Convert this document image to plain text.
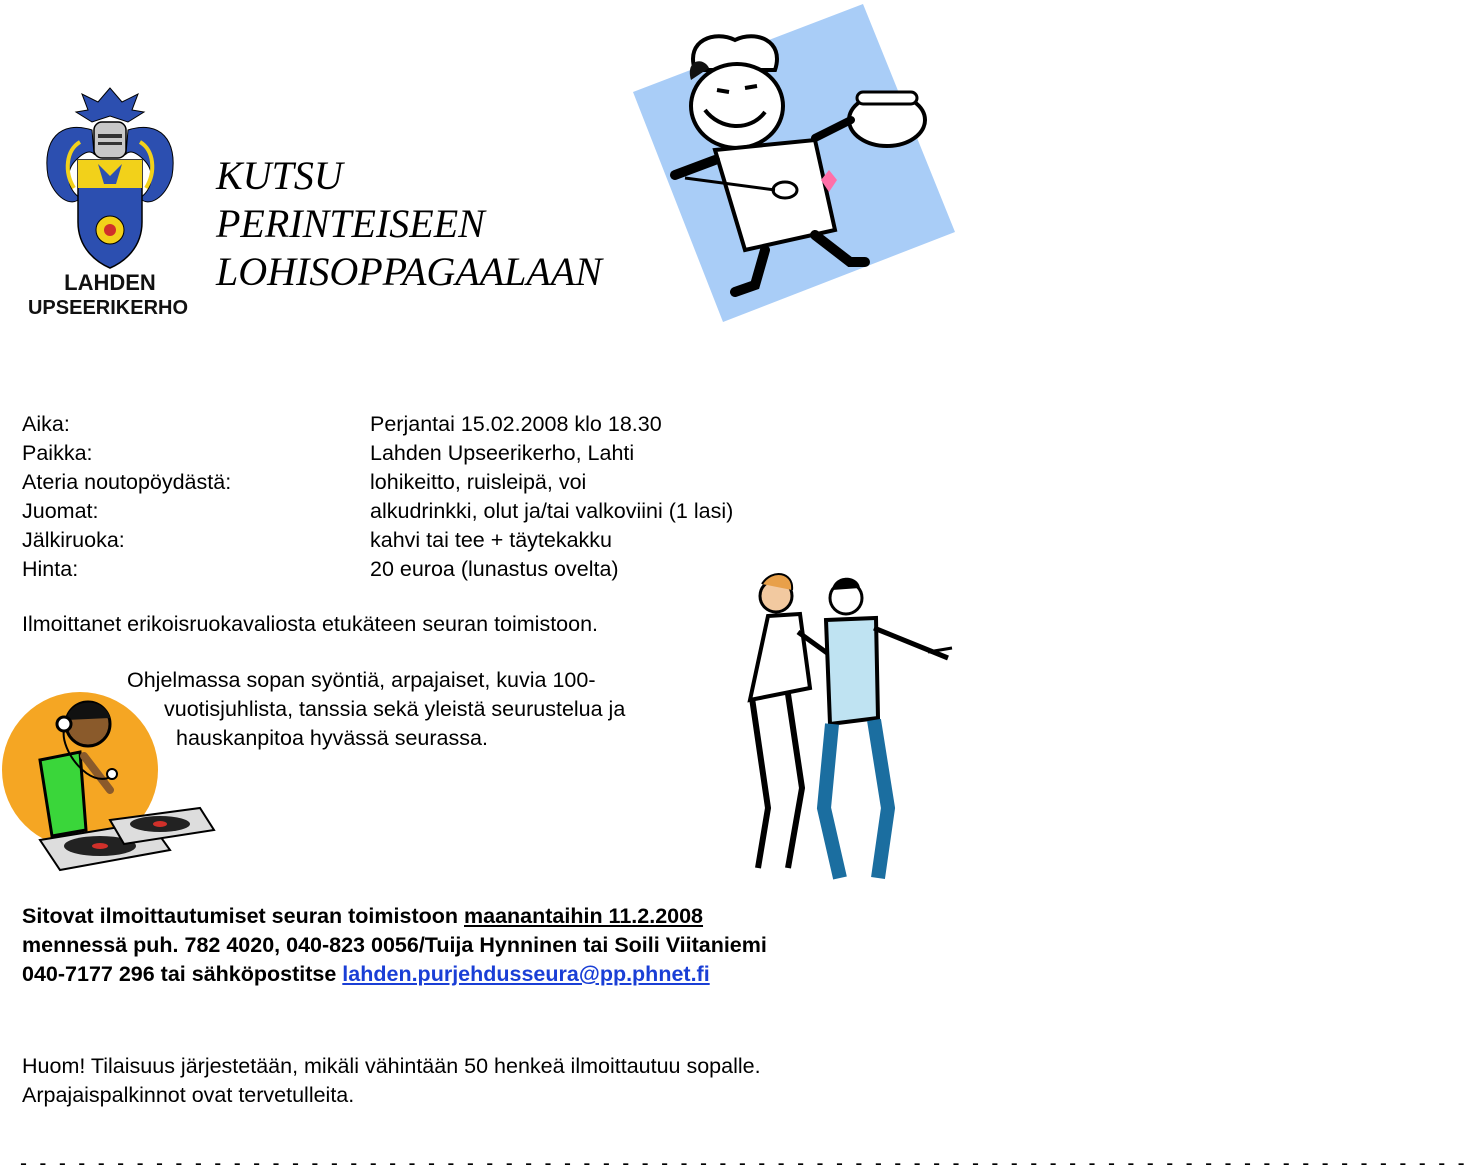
LAHDEN
UPSEERIKERHO
KUTSU
PERINTEISEEN
LOHISOPPAGAALAAN
Aika:	Perjantai 15.02.2008 klo 18.30
Paikka:	Lahden Upseerikerho, Lahti
Ateria noutopöydästä:	lohikeitto, ruisleipä, voi
Juomat:	alkudrinkki, olut ja/tai valkoviini (1 lasi)
Jälkiruoka:	kahvi tai tee + täytekakku
Hinta:	20 euroa (lunastus ovelta)
Ilmoittanet erikoisruokavaliosta etukäteen seuran toimistoon.
Ohjelmassa sopan syöntiä, arpajaiset, kuvia 100-
vuotisjuhlista, tanssia sekä yleistä seurustelua ja
hauskanpitoa hyvässä seurassa.
Sitovat ilmoittautumiset seuran toimistoon maanantaihin 11.2.2008
mennessä puh. 782 4020, 040-823 0056/Tuija Hynninen tai Soili Viitaniemi
040-7177 296 tai sähköpostitse lahden.purjehdusseura@pp.phnet.fi
Huom! Tilaisuus järjestetään, mikäli vähintään 50 henkeä ilmoittautuu sopalle.
Arpajaispalkinnot ovat tervetulleita.
- - - - - - - - - - - - - - - - - - - - - - - - - - - - - - - - - - - - - - - - - - - - - - - - - - - - - - - - - - - - - - - - - - - - - - - - - - -
